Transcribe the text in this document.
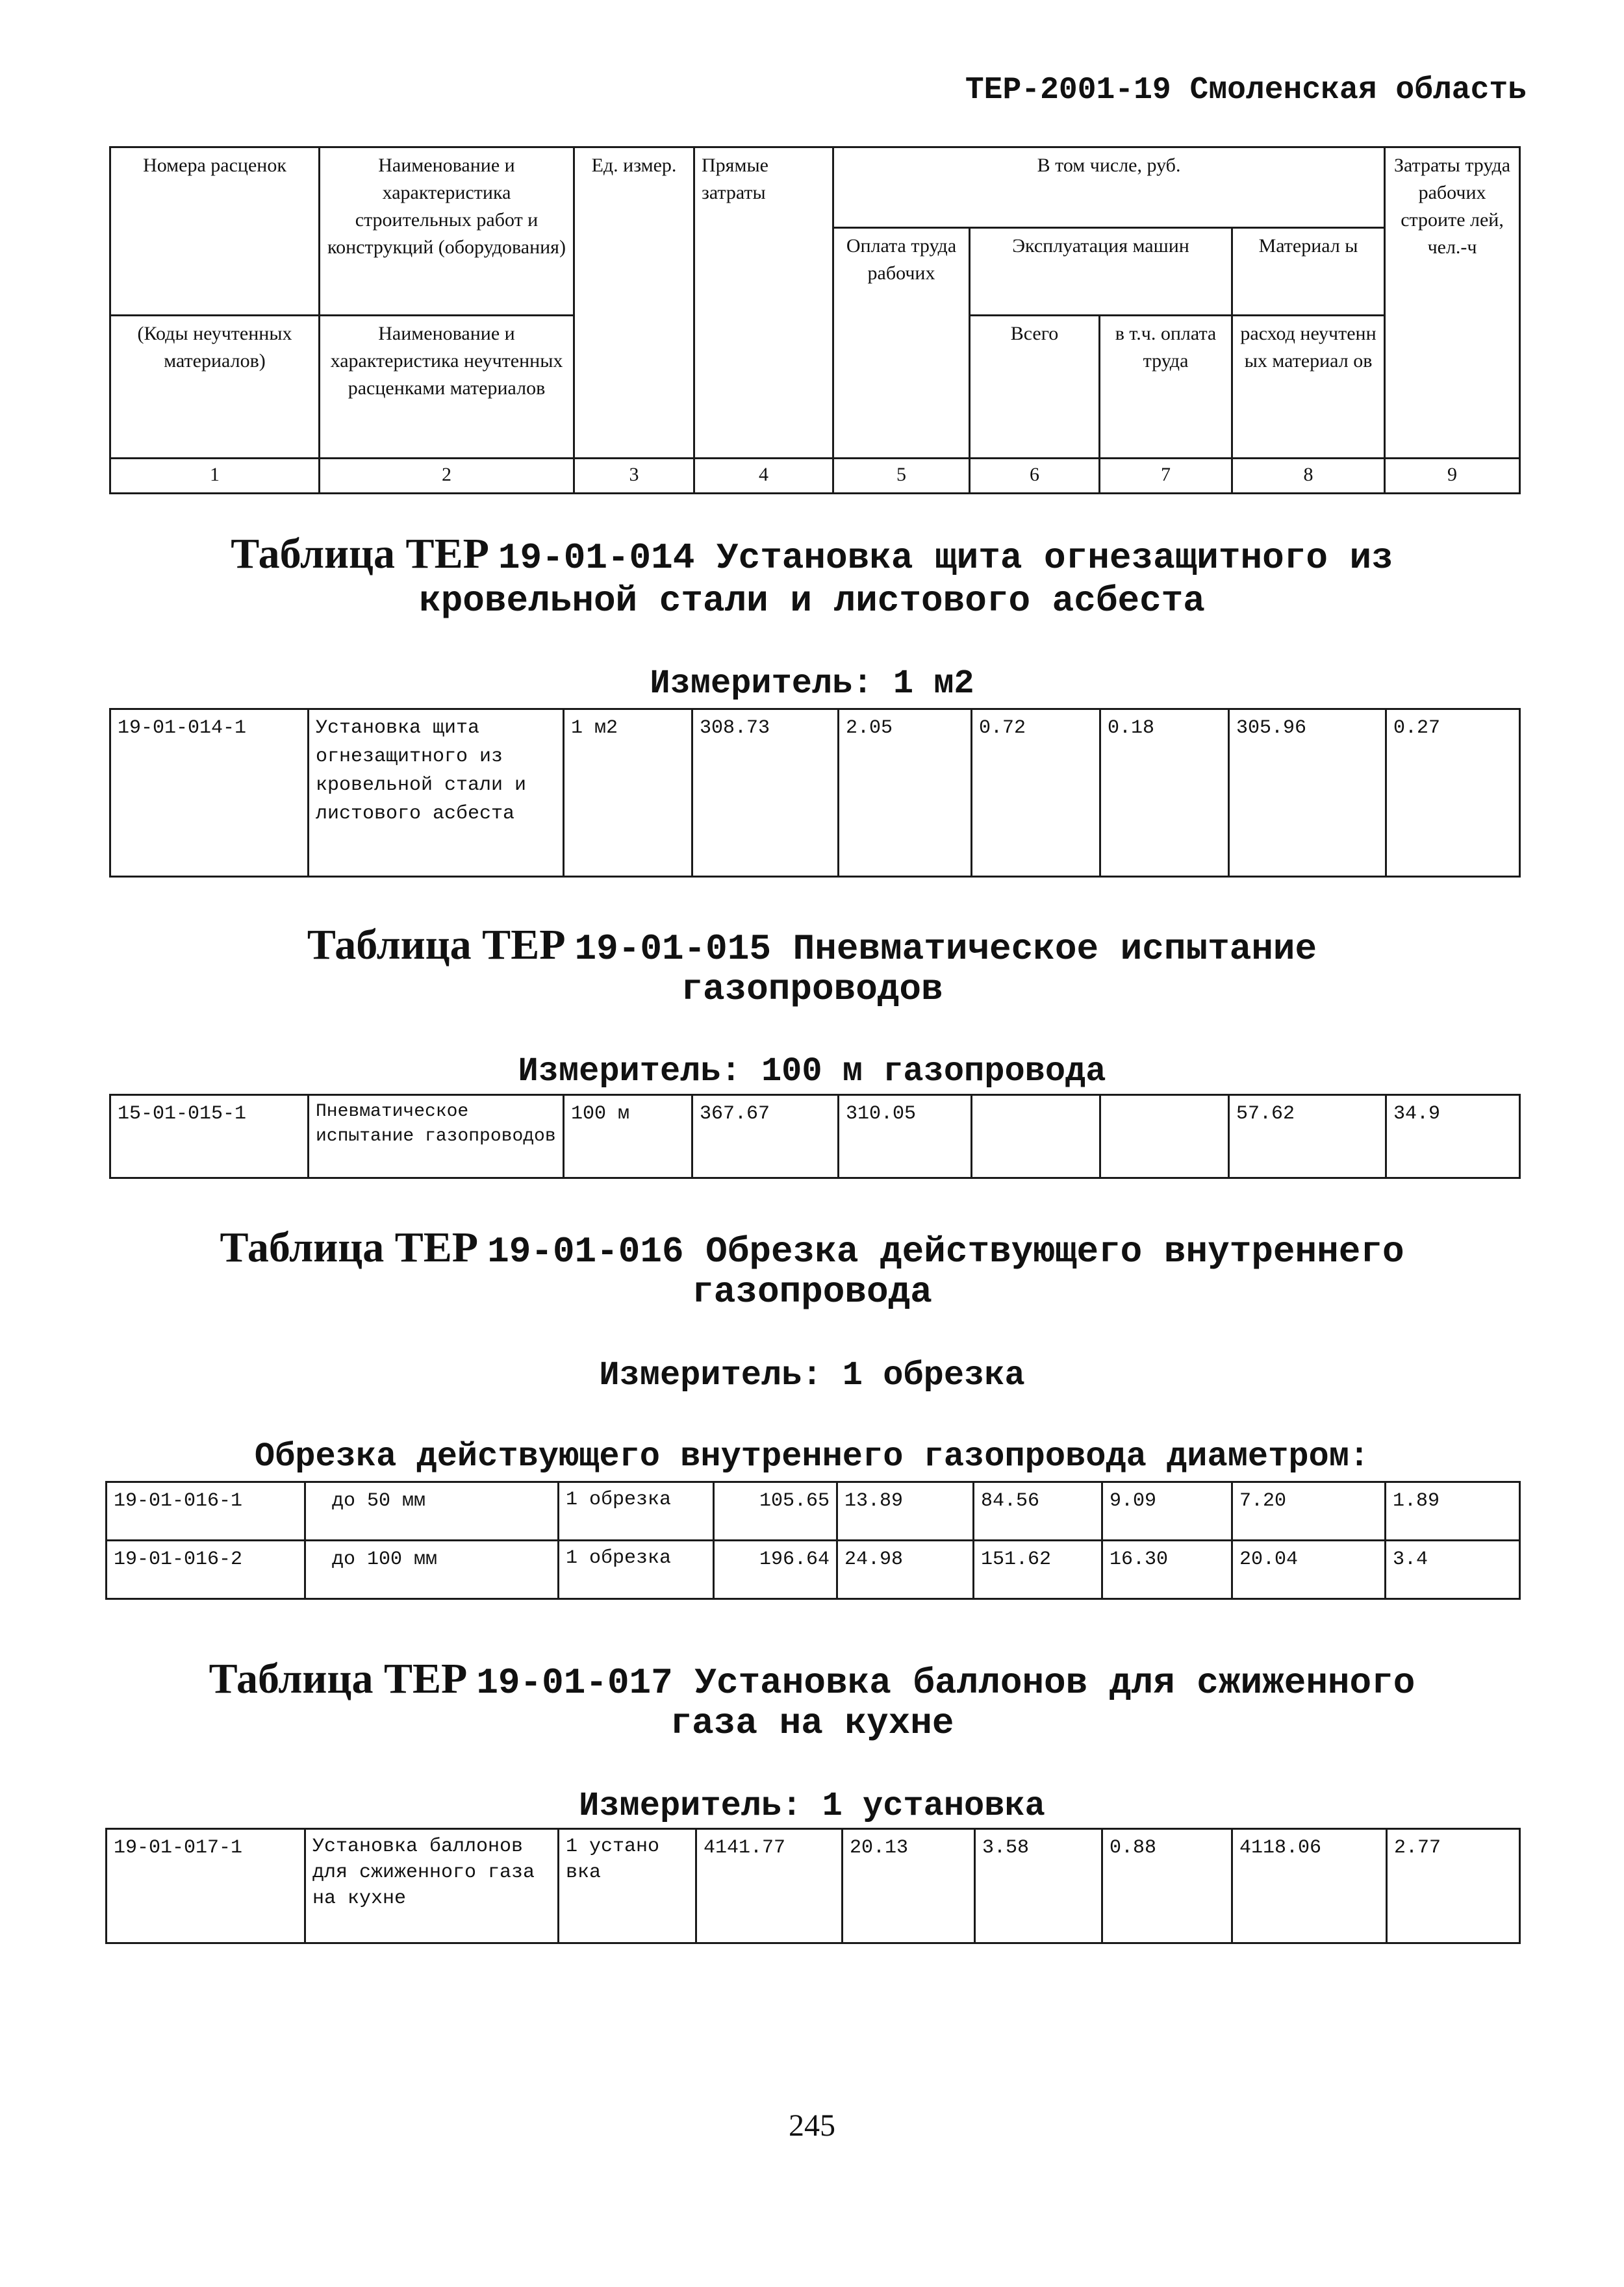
ТЕР-2001-19 Смоленская область
Номера расценок	Наименование и характеристика строительных работ и конструкций (оборудования)	Ед. измер.	Прямые затраты	В том числе, руб.				Затраты труда рабочих строите лей, чел.-ч
				Оплата труда рабочих	Эксплуатация машин		Материал ы	
(Коды неучтенных материалов)	Наименование и характеристика неучтенных расценками материалов				Всего	в т.ч. оплата труда	расход неучтенн ых материал ов	
1	2	3	4	5	6	7	8	9
Таблица ТЕР 19-01-014 Установка щита огнезащитного из
кровельной стали и листового асбеста
Измеритель: 1 м2
19-01-014-1	Установка щита огнезащитного из кровельной стали и листового асбеста	1 м2	308.73	2.05	0.72	0.18	305.96	0.27
Таблица ТЕР 19-01-015 Пневматическое испытание
газопроводов
Измеритель: 100 м газопровода
15-01-015-1	Пневматическое испытание газопроводов	100 м	367.67	310.05			57.62	34.9
Таблица ТЕР 19-01-016 Обрезка действующего внутреннего
газопровода
Измеритель: 1 обрезка
Обрезка действующего внутреннего газопровода диаметром:
19-01-016-1	до 50 мм	1 обрезка	105.65	13.89	84.56	9.09	7.20	1.89
19-01-016-2	до 100 мм	1 обрезка	196.64	24.98	151.62	16.30	20.04	3.4
Таблица ТЕР 19-01-017 Установка баллонов для сжиженного
газа на кухне
Измеритель: 1 установка
19-01-017-1	Установка баллонов для сжиженного газа на кухне	1 устано вка	4141.77	20.13	3.58	0.88	4118.06	2.77
245
